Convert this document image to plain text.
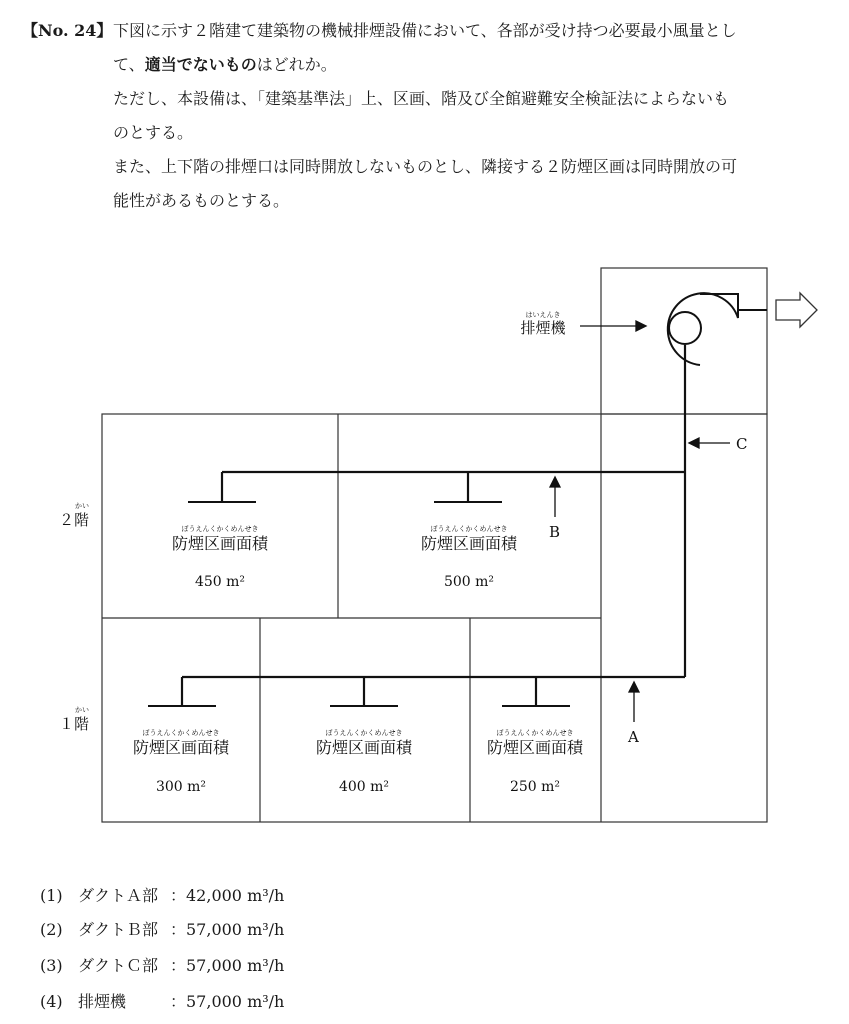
【No. 24】 下図に示す２階建て建築物の機械排煙設備において、各部が受け持つ必要最小風量とし
て、適当でないものはどれか。
ただし、本設備は、「建築基準法」上、区画、階及び全館避難安全検証法によらないも
のとする。
また、上下階の排煙口は同時開放しないものとし、隣接する２防煙区画は同時開放の可
能性があるものとする。
はいえんき
排煙機
C
B
A
かい
２階
かい
１階
ぼうえんくかくめんせき
防煙区画面積
450 m²
ぼうえんくかくめんせき
防煙区画面積
500 m²
ぼうえんくかくめんせき
防煙区画面積
300 m²
ぼうえんくかくめんせき
防煙区画面積
400 m²
ぼうえんくかくめんせき
防煙区画面積
250 m²
(1) ダクトＡ部 ：42,000 m³/h
(2) ダクトＢ部 ：57,000 m³/h
(3) ダクトＣ部 ：57,000 m³/h
(4) 排煙機	：57,000 m³/h
